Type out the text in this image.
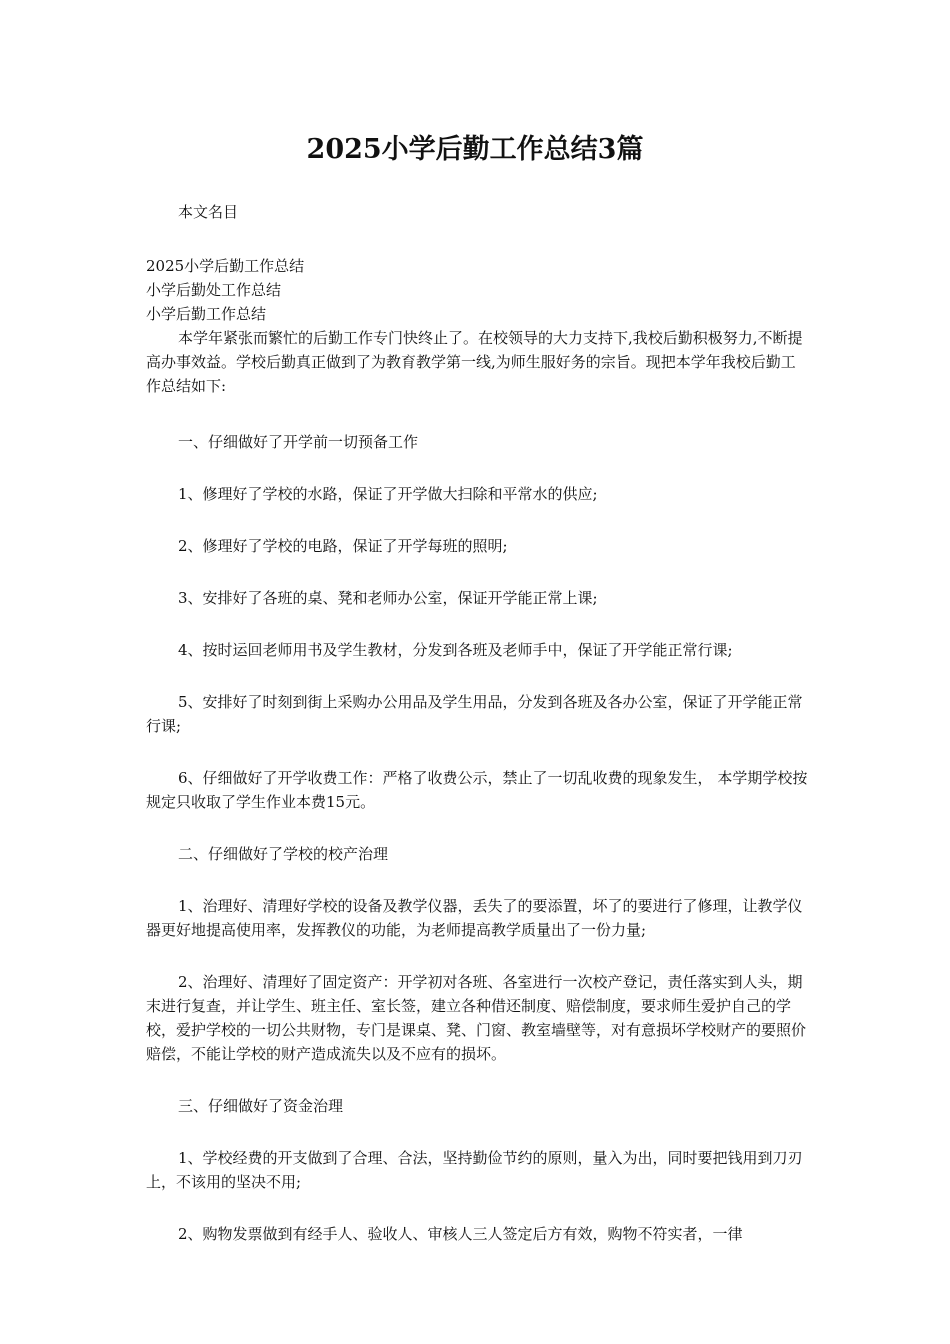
2025小学后勤工作总结3篇

本文名目

2025小学后勤工作总结

小学后勤处工作总结

小学后勤工作总结

本学年紧张而繁忙的后勤工作专门快终止了。在校领导的大力支持下,我校后勤积极努力,不断提高办事效益。学校后勤真正做到了为教育教学第一线,为师生服好务的宗旨。现把本学年我校后勤工作总结如下:

一、仔细做好了开学前一切预备工作

1、修理好了学校的水路，保证了开学做大扫除和平常水的供应;

2、修理好了学校的电路，保证了开学每班的照明;

3、安排好了各班的桌、凳和老师办公室，保证开学能正常上课;

4、按时运回老师用书及学生教材，分发到各班及老师手中，保证了开学能正常行课;

5、安排好了时刻到街上采购办公用品及学生用品，分发到各班及各办公室，保证了开学能正常行课;

6、仔细做好了开学收费工作：严格了收费公示，禁止了一切乱收费的现象发生， 本学期学校按规定只收取了学生作业本费15元。

二、仔细做好了学校的校产治理

1、治理好、清理好学校的设备及教学仪器，丢失了的要添置，坏了的要进行了修理，让教学仪器更好地提高使用率，发挥教仪的功能，为老师提高教学质量出了一份力量;

2、治理好、清理好了固定资产：开学初对各班、各室进行一次校产登记，责任落实到人头，期末进行复查，并让学生、班主任、室长签，建立各种借还制度、赔偿制度，要求师生爱护自己的学校，爱护学校的一切公共财物，专门是课桌、凳、门窗、教室墙壁等，对有意损坏学校财产的要照价赔偿，不能让学校的财产造成流失以及不应有的损坏。

三、仔细做好了资金治理

1、学校经费的开支做到了合理、合法，坚持勤俭节约的原则，量入为出，同时要把钱用到刀刃上，不该用的坚决不用;

2、购物发票做到有经手人、验收人、审核人三人签定后方有效，购物不符实者，一律
